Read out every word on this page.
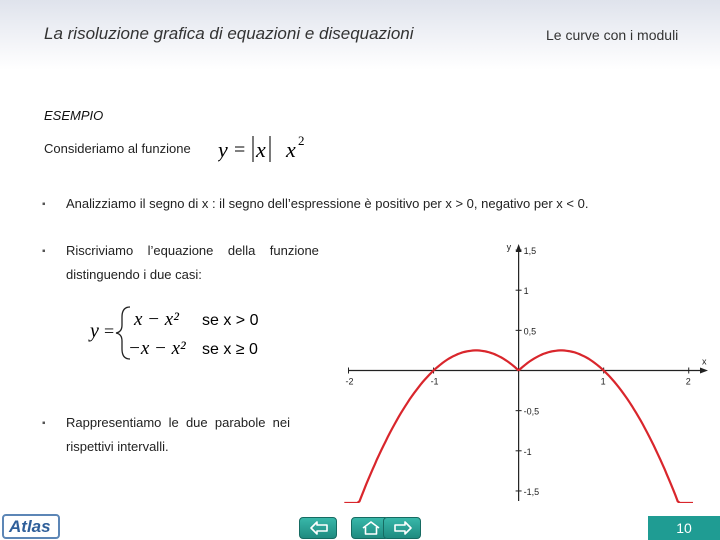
La risoluzione grafica di equazioni e disequazioni	Le curve con i moduli
ESEMPIO
Consideriamo al funzione y = x x 2
▪ Analizziamo il segno di x : il segno dell’espressione è positivo per x > 0, negativo per x < 0.
▪ Riscriviamo    l’equazione    della    funzione
distinguendo i due casi:
y =
x − x² se x > 0
−x − x² se x ≥ 0
▪ Rappresentiamo  le  due  parabole  nei
rispettivi intervalli.
x
y
-2	-1	1	2
1,5
1
0,5
-0,5
-1
-1,5
Atlas	10
